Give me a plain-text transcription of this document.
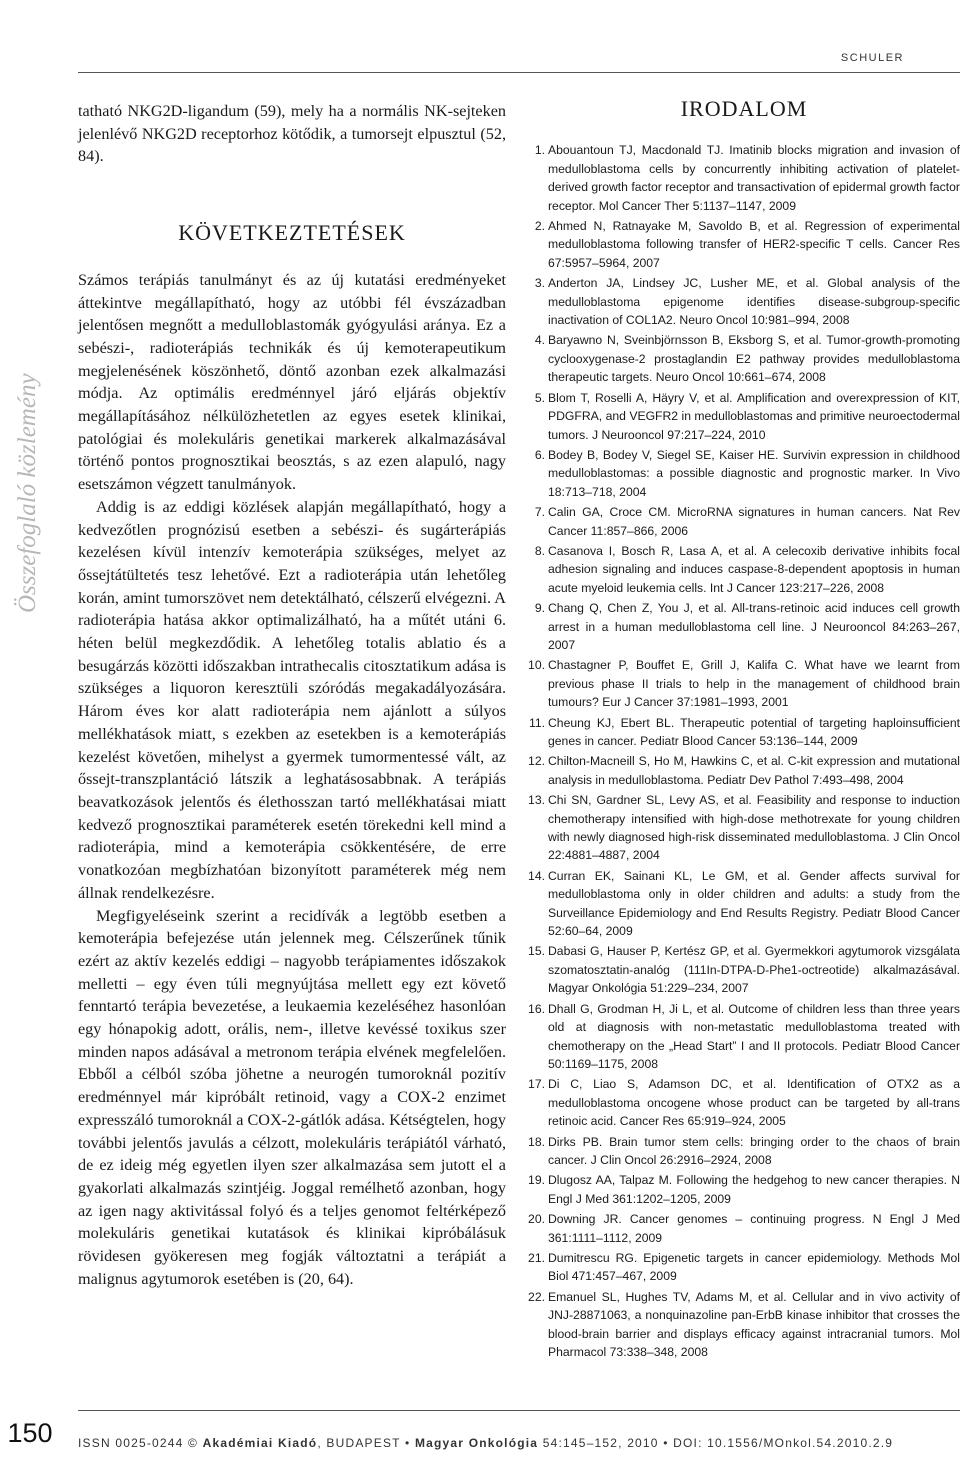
SCHULER
Összefoglaló közlemény

tatható NKG2D-ligandum (59), mely ha a normális NK-sejteken jelenlévő NKG2D receptorhoz kötődik, a tumorsejt elpusztul (52, 84).

KÖVETKEZTETÉSEK

Számos terápiás tanulmányt és az új kutatási eredményeket áttekintve megállapítható, hogy az utóbbi fél évszázadban jelentősen megnőtt a medulloblastomák gyógyulási aránya. Ez a sebészi-, radioterápiás technikák és új kemoterapeutikum megjelenésének köszönhető, döntő azonban ezek alkalmazási módja. Az optimális eredménnyel járó eljárás objektív megállapításához nélkülözhetetlen az egyes esetek klinikai, patológiai és molekuláris genetikai markerek alkalmazásával történő pontos prognosztikai beosztás, s az ezen alapuló, nagy esetszámon végzett tanulmányok.

Addig is az eddigi közlések alapján megállapítható, hogy a kedvezőtlen prognózisú esetben a sebészi- és sugárterápiás kezelésen kívül intenzív kemoterápia szükséges, melyet az őssejtátültetés tesz lehetővé. Ezt a radioterápia után lehetőleg korán, amint tumorszövet nem detektálható, célszerű elvégezni. A radioterápia hatása akkor optimalizálható, ha a műtét utáni 6. héten belül megkezdődik. A lehetőleg totalis ablatio és a besugárzás közötti időszakban intrathecalis citosztatikum adása is szükséges a liquoron keresztüli szóródás megakadályozására. Három éves kor alatt radioterápia nem ajánlott a súlyos mellékhatások miatt, s ezekben az esetekben is a kemoterápiás kezelést követően, mihelyst a gyermek tumormentessé vált, az őssejt-transzplantáció látszik a leghatásosabbnak. A terápiás beavatkozások jelentős és élethosszan tartó mellékhatásai miatt kedvező prognosztikai paraméterek esetén törekedni kell mind a radioterápia, mind a kemoterápia csökkentésére, de erre vonatkozóan megbízhatóan bizonyított paraméterek még nem állnak rendelkezésre.

Megfigyeléseink szerint a recidívák a legtöbb esetben a kemoterápia befejezése után jelennek meg. Célszerűnek tűnik ezért az aktív kezelés eddigi – nagyobb terápiamentes időszakok melletti – egy éven túli megnyújtása mellett egy ezt követő fenntartó terápia bevezetése, a leukaemia kezeléséhez hasonlóan egy hónapokig adott, orális, nem-, illetve kevéssé toxikus szer minden napos adásával a metronom terápia elvének megfelelően. Ebből a célból szóba jöhetne a neurogén tumoroknál pozitív eredménnyel már kipróbált retinoid, vagy a COX-2 enzimet expresszáló tumoroknál a COX-2-gátlók adása. Kétségtelen, hogy további jelentős javulás a célzott, molekuláris terápiától várható, de ez ideig még egyetlen ilyen szer alkalmazása sem jutott el a gyakorlati alkalmazás szintjéig. Joggal remélhető azonban, hogy az igen nagy aktivitással folyó és a teljes genomot feltérképező molekuláris genetikai kutatások és klinikai kipróbálásuk rövidesen gyökeresen meg fogják változtatni a terápiát a malignus agytumorok esetében is (20, 64).

IRODALOM
1. Abouantoun TJ, Macdonald TJ. Imatinib blocks migration and invasion of medulloblastoma cells by concurrently inhibiting activation of platelet-derived growth factor receptor and transactivation of epidermal growth factor receptor. Mol Cancer Ther 5:1137–1147, 2009
2. Ahmed N, Ratnayake M, Savoldo B, et al. Regression of experimental medulloblastoma following transfer of HER2-specific T cells. Cancer Res 67:5957–5964, 2007
3. Anderton JA, Lindsey JC, Lusher ME, et al. Global analysis of the medulloblastoma epigenome identifies disease-subgroup-specific inactivation of COL1A2. Neuro Oncol 10:981–994, 2008
4. Baryawno N, Sveinbjörnsson B, Eksborg S, et al. Tumor-growth-promoting cyclooxygenase-2 prostaglandin E2 pathway provides medulloblastoma therapeutic targets. Neuro Oncol 10:661–674, 2008
5. Blom T, Roselli A, Häyry V, et al. Amplification and overexpression of KIT, PDGFRA, and VEGFR2 in medulloblastomas and primitive neuroectodermal tumors. J Neurooncol 97:217–224, 2010
6. Bodey B, Bodey V, Siegel SE, Kaiser HE. Survivin expression in childhood medulloblastomas: a possible diagnostic and prognostic marker. In Vivo 18:713–718, 2004
7. Calin GA, Croce CM. MicroRNA signatures in human cancers. Nat Rev Cancer 11:857–866, 2006
8. Casanova I, Bosch R, Lasa A, et al. A celecoxib derivative inhibits focal adhesion signaling and induces caspase-8-dependent apoptosis in human acute myeloid leukemia cells. Int J Cancer 123:217–226, 2008
9. Chang Q, Chen Z, You J, et al. All-trans-retinoic acid induces cell growth arrest in a human medulloblastoma cell line. J Neurooncol 84:263–267, 2007
10. Chastagner P, Bouffet E, Grill J, Kalifa C. What have we learnt from previous phase II trials to help in the management of childhood brain tumours? Eur J Cancer 37:1981–1993, 2001
11. Cheung KJ, Ebert BL. Therapeutic potential of targeting haploinsufficient genes in cancer. Pediatr Blood Cancer 53:136–144, 2009
12. Chilton-Macneill S, Ho M, Hawkins C, et al. C-kit expression and mutational analysis in medulloblastoma. Pediatr Dev Pathol 7:493–498, 2004
13. Chi SN, Gardner SL, Levy AS, et al. Feasibility and response to induction chemotherapy intensified with high-dose methotrexate for young children with newly diagnosed high-risk disseminated medulloblastoma. J Clin Oncol 22:4881–4887, 2004
14. Curran EK, Sainani KL, Le GM, et al. Gender affects survival for medulloblastoma only in older children and adults: a study from the Surveillance Epidemiology and End Results Registry. Pediatr Blood Cancer 52:60–64, 2009
15. Dabasi G, Hauser P, Kertész GP, et al. Gyermekkori agytumorok vizsgálata szomatosztatin-analóg (111In-DTPA-D-Phe1-octreotide) alkalmazásával. Magyar Onkológia 51:229–234, 2007
16. Dhall G, Grodman H, Ji L, et al. Outcome of children less than three years old at diagnosis with non-metastatic medulloblastoma treated with chemotherapy on the „Head Start” I and II protocols. Pediatr Blood Cancer 50:1169–1175, 2008
17. Di C, Liao S, Adamson DC, et al. Identification of OTX2 as a medulloblastoma oncogene whose product can be targeted by all-trans retinoic acid. Cancer Res 65:919–924, 2005
18. Dirks PB. Brain tumor stem cells: bringing order to the chaos of brain cancer. J Clin Oncol 26:2916–2924, 2008
19. Dlugosz AA, Talpaz M. Following the hedgehog to new cancer therapies. N Engl J Med 361:1202–1205, 2009
20. Downing JR. Cancer genomes – continuing progress. N Engl J Med 361:1111–1112, 2009
21. Dumitrescu RG. Epigenetic targets in cancer epidemiology. Methods Mol Biol 471:457–467, 2009
22. Emanuel SL, Hughes TV, Adams M, et al. Cellular and in vivo activity of JNJ-28871063, a nonquinazoline pan-ErbB kinase inhibitor that crosses the blood-brain barrier and displays efficacy against intracranial tumors. Mol Pharmacol 73:338–348, 2008
150	ISSN 0025-0244 © Akadémiai Kiadó, BUDAPEST • Magyar Onkológia 54:145–152, 2010 • DOI: 10.1556/MOnkol.54.2010.2.9
